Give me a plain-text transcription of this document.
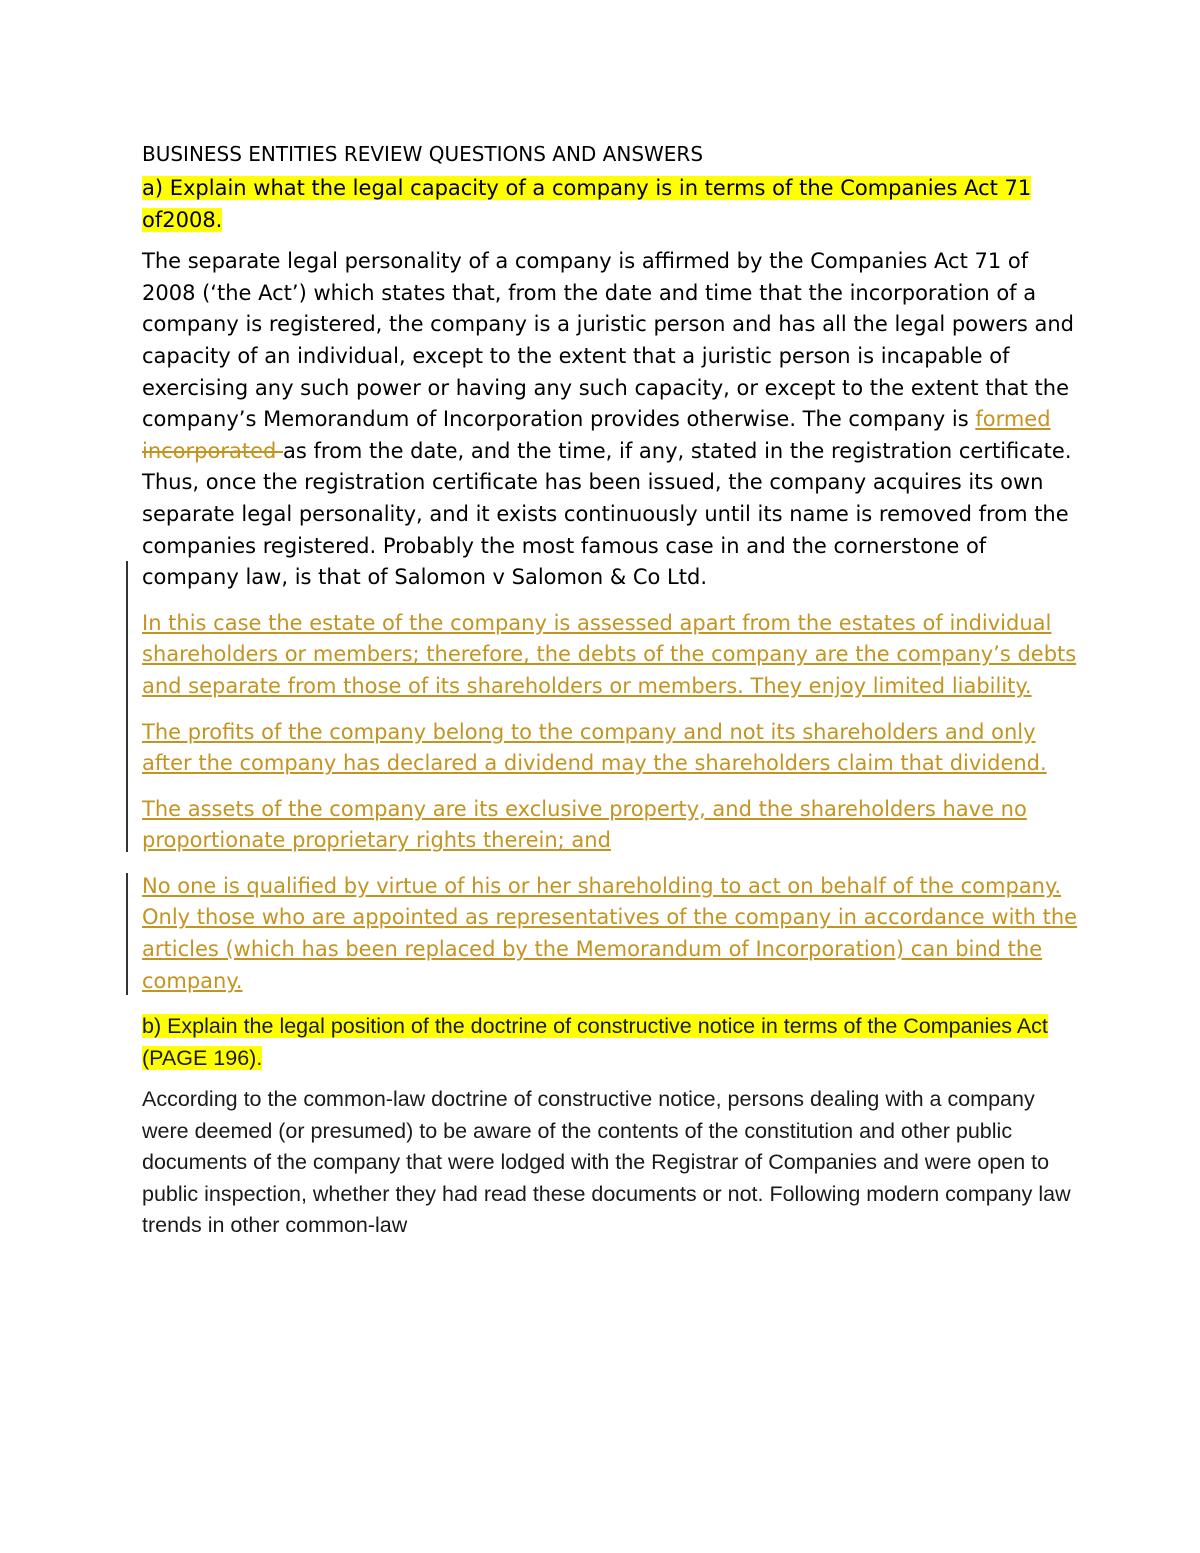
BUSINESS ENTITIES REVIEW QUESTIONS AND ANSWERS

a) Explain what the legal capacity of a company is in terms of the Companies Act 71 of2008.

The separate legal personality of a company is affirmed by the Companies Act 71 of 2008 (‘the Act’) which states that, from the date and time that the incorporation of a company is registered, the company is a juristic person and has all the legal powers and capacity of an individual, except to the extent that a juristic person is incapable of exercising any such power or having any such capacity, or except to the extent that the company’s Memorandum of Incorporation provides otherwise. The company is formed incorporated as from the date, and the time, if any, stated in the registration certificate. Thus, once the registration certificate has been issued, the company acquires its own separate legal personality, and it exists continuously until its name is removed from the companies registered. Probably the most famous case in and the cornerstone of company law, is that of Salomon v Salomon & Co Ltd.

In this case the estate of the company is assessed apart from the estates of individual shareholders or members; therefore, the debts of the company are the company’s debts and separate from those of its shareholders or members. They enjoy limited liability.

The profits of the company belong to the company and not its shareholders and only after the company has declared a dividend may the shareholders claim that dividend.

The assets of the company are its exclusive property, and the shareholders have no proportionate proprietary rights therein; and

No one is qualified by virtue of his or her shareholding to act on behalf of the company. Only those who are appointed as representatives of the company in accordance with the articles (which has been replaced by the Memorandum of Incorporation) can bind the company.

b) Explain the legal position of the doctrine of constructive notice in terms of the Companies Act (PAGE 196).

According to the common-law doctrine of constructive notice, persons dealing with a company were deemed (or presumed) to be aware of the contents of the constitution and other public documents of the company that were lodged with the Registrar of Companies and were open to public inspection, whether they had read these documents or not. Following modern company law trends in other common-law
